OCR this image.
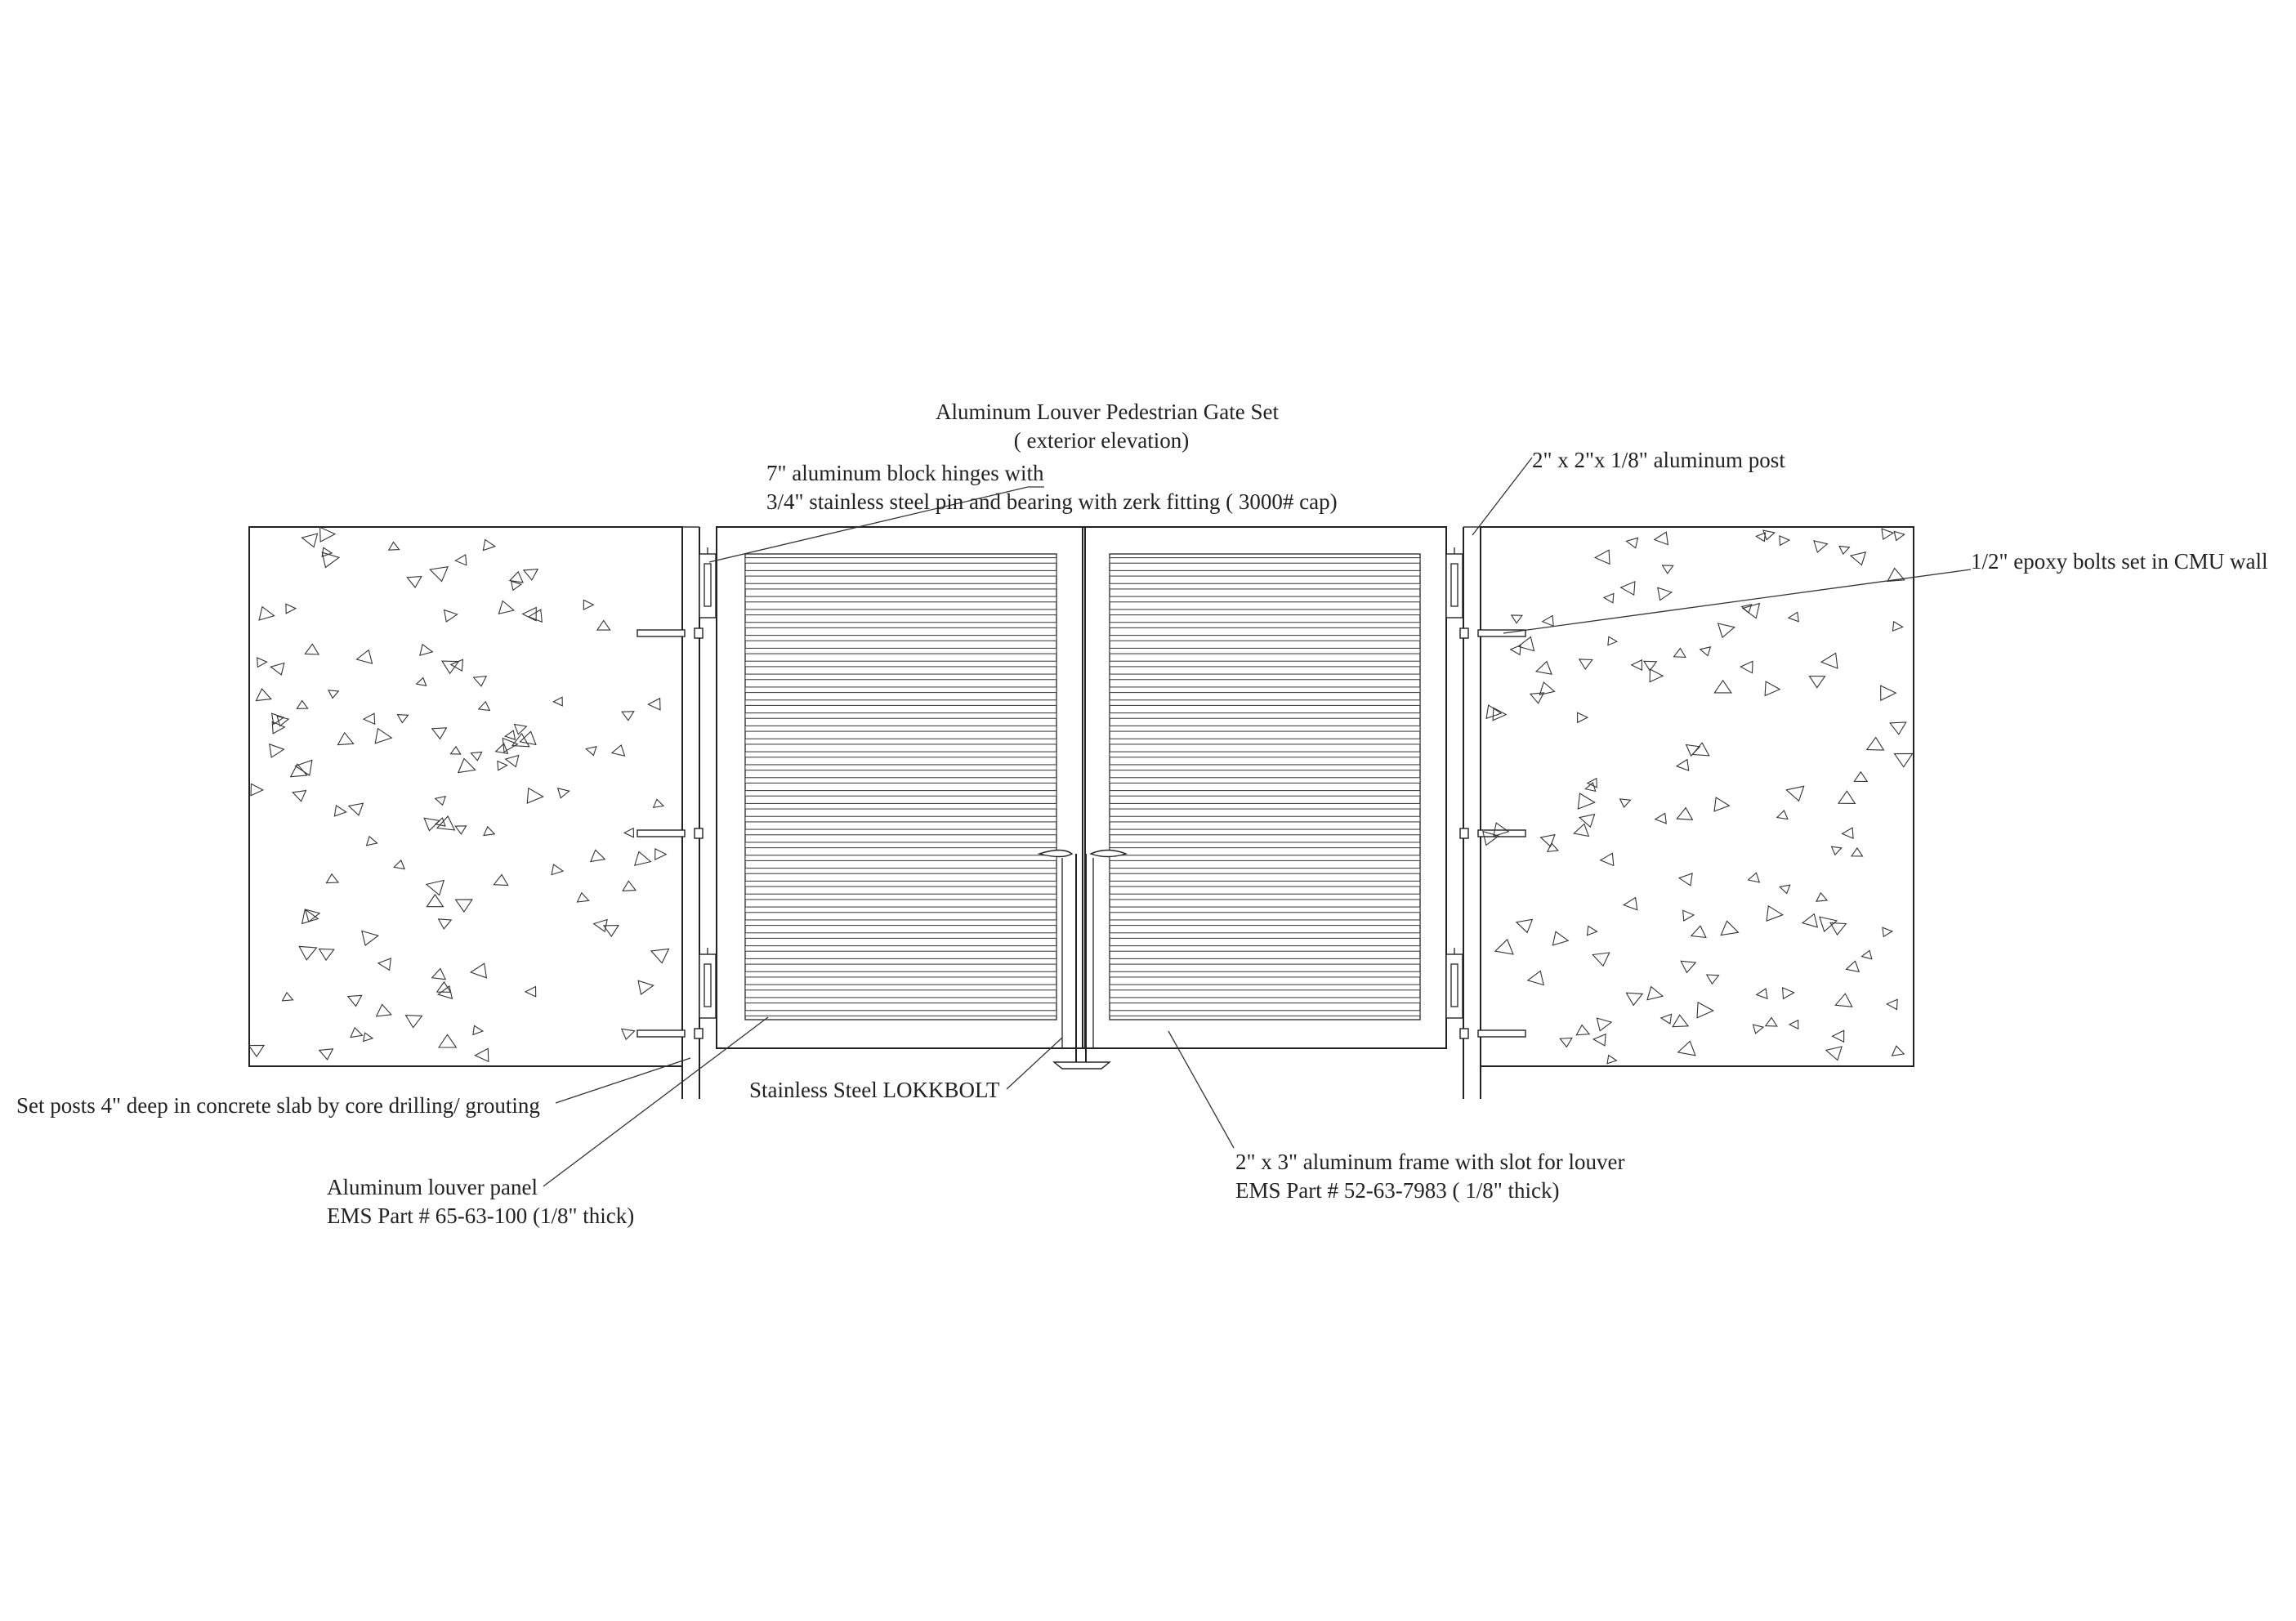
Aluminum Louver Pedestrian Gate Set
( exterior elevation)
7" aluminum block hinges with
3/4" stainless steel pin and bearing with zerk fitting ( 3000# cap)
2" x 2"x 1/8" aluminum post
1/2" epoxy bolts set in CMU wall
Set posts 4" deep in concrete slab by core drilling/ grouting
Stainless Steel LOKKBOLT
Aluminum louver panel
EMS Part # 65-63-100 (1/8" thick)
2" x 3" aluminum frame with slot for louver
EMS Part # 52-63-7983 ( 1/8" thick)
